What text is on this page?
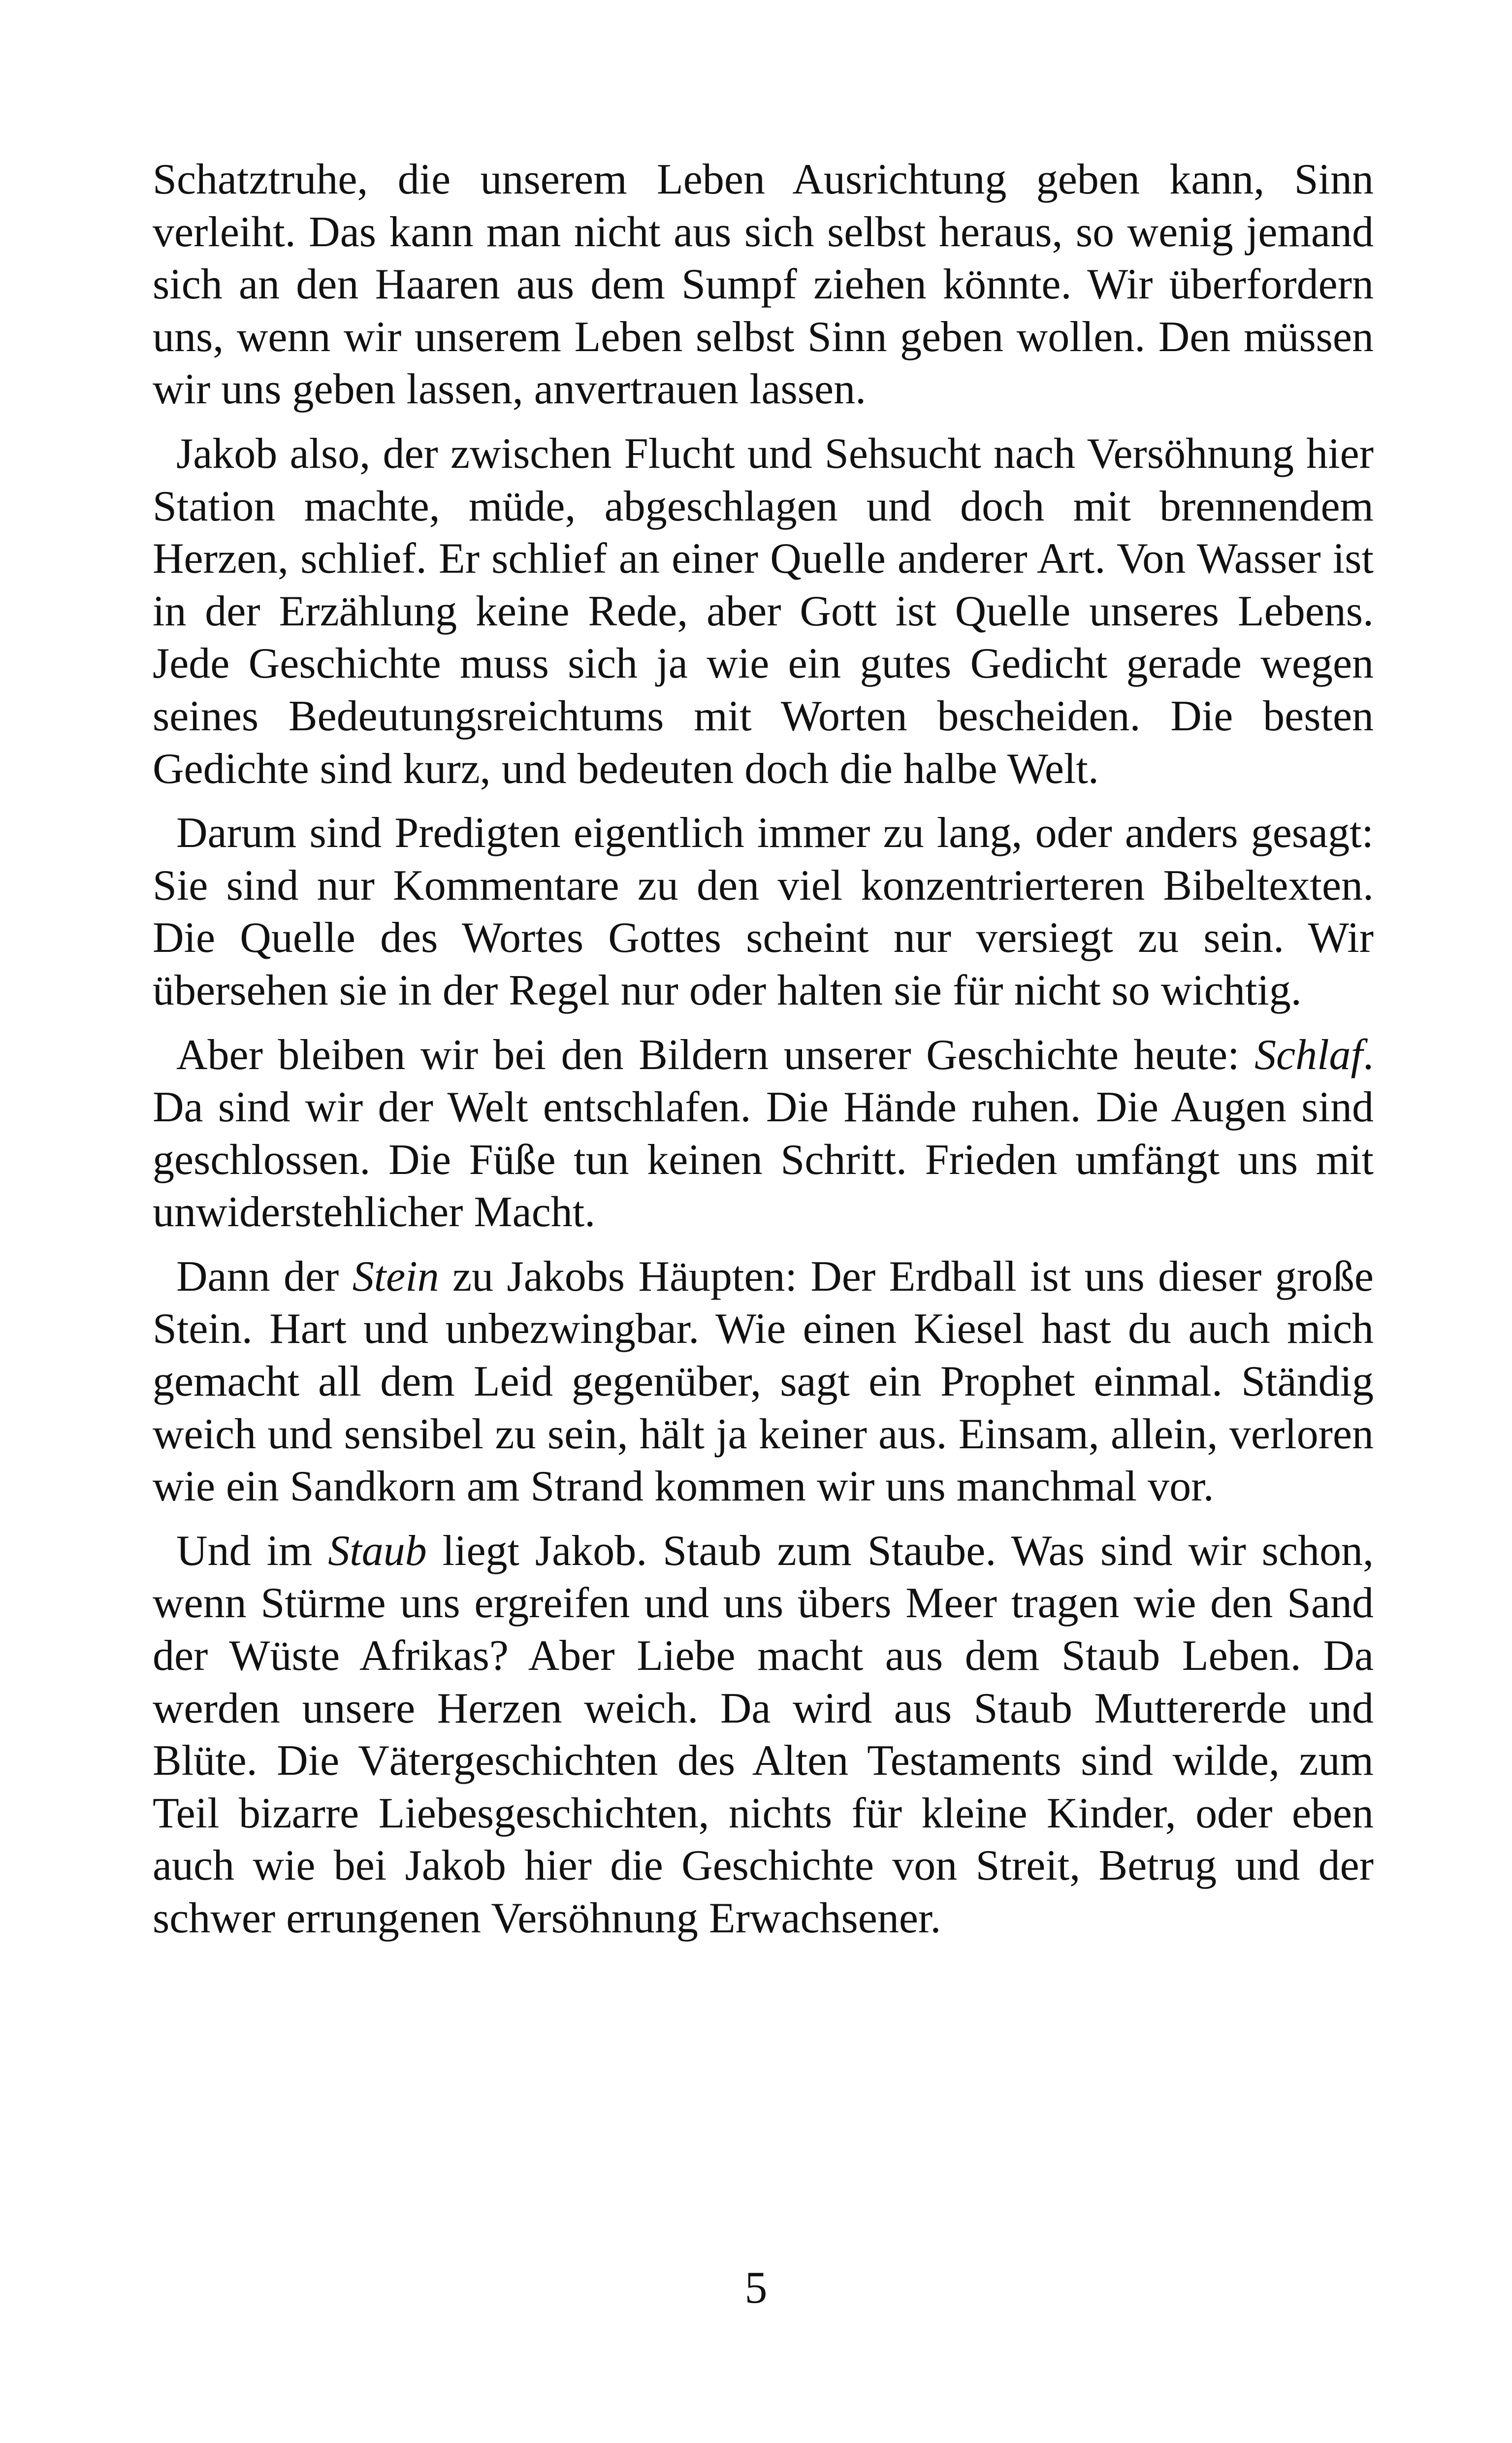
Schatztruhe, die unserem Leben Ausrichtung geben kann, Sinn verleiht. Das kann man nicht aus sich selbst heraus, so wenig jemand sich an den Haaren aus dem Sumpf ziehen könnte. Wir überfordern uns, wenn wir unserem Leben selbst Sinn geben wollen. Den müssen wir uns geben lassen, anvertrauen lassen.

Jakob also, der zwischen Flucht und Sehsucht nach Versöhnung hier Station machte, müde, abgeschlagen und doch mit brennendem Herzen, schlief. Er schlief an einer Quelle anderer Art. Von Wasser ist in der Erzählung keine Rede, aber Gott ist Quelle unseres Lebens. Jede Geschichte muss sich ja wie ein gutes Gedicht gerade wegen seines Bedeutungsreichtums mit Worten bescheiden. Die besten Gedichte sind kurz, und bedeuten doch die halbe Welt.

Darum sind Predigten eigentlich immer zu lang, oder anders gesagt: Sie sind nur Kommentare zu den viel konzentrierteren Bibeltexten. Die Quelle des Wortes Gottes scheint nur versiegt zu sein. Wir übersehen sie in der Regel nur oder halten sie für nicht so wichtig.

Aber bleiben wir bei den Bildern unserer Geschichte heute: Schlaf. Da sind wir der Welt entschlafen. Die Hände ruhen. Die Augen sind geschlossen. Die Füße tun keinen Schritt. Frieden umfängt uns mit unwiderstehlicher Macht.

Dann der Stein zu Jakobs Häupten: Der Erdball ist uns dieser große Stein. Hart und unbezwingbar. Wie einen Kiesel hast du auch mich gemacht all dem Leid gegenüber, sagt ein Prophet einmal. Ständig weich und sensibel zu sein, hält ja keiner aus. Einsam, allein, verloren wie ein Sandkorn am Strand kommen wir uns manchmal vor.

Und im Staub liegt Jakob. Staub zum Staube. Was sind wir schon, wenn Stürme uns ergreifen und uns übers Meer tragen wie den Sand der Wüste Afrikas? Aber Liebe macht aus dem Staub Leben. Da werden unsere Herzen weich. Da wird aus Staub Muttererde und Blüte. Die Vätergeschichten des Alten Testaments sind wilde, zum Teil bizarre Liebesgeschichten, nichts für kleine Kinder, oder eben auch wie bei Jakob hier die Geschichte von Streit, Betrug und der schwer errungenen Versöhnung Erwachsener.

5
